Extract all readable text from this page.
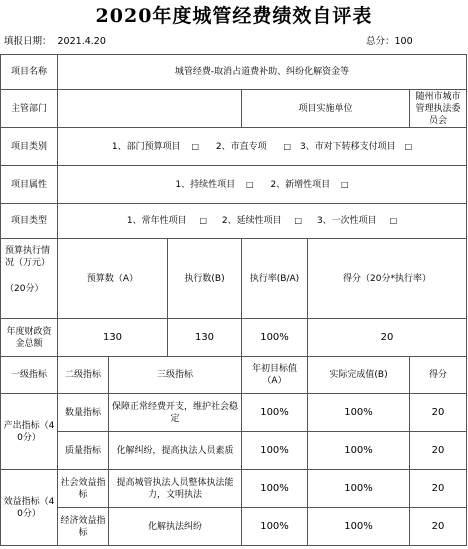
2020年度城管经费绩效自评表
填报日期： 2021.4.20	总分：100
项目名称	城管经费-取消占道费补助、纠纷化解资金等					
主管部门				项目实施单位		随州市城市管理执法委员会
项目类别	1、部门预算项目 □ 2、市直专项 □ 3、市对下转移支付项目 □					
项目属性	1、持续性项目 □ 2、新增性项目 □					
项目类型	1、常年性项目 □ 2、延续性项目 □ 3、一次性项目 □					

预算执行情况（万元）
（20分）	预算数（A）		执行数(B)	执行率(B/A)	得分（20分*执行率）	
年度财政资金总额	130		130	100%	20	
一级指标	二级指标	三级指标		年初目标值（A）	实际完成值(B)	得分
产出指标（40分）	数量指标	保障正常经费开支，维护社会稳定		100%	100%	20
	质量指标	化解纠纷，提高执法人员素质		100%	100%	20
效益指标（40分）	社会效益指标	提高城管执法人员整体执法能力，文明执法		100%	100%	20
	经济效益指标	化解执法纠纷		100%	100%	20
